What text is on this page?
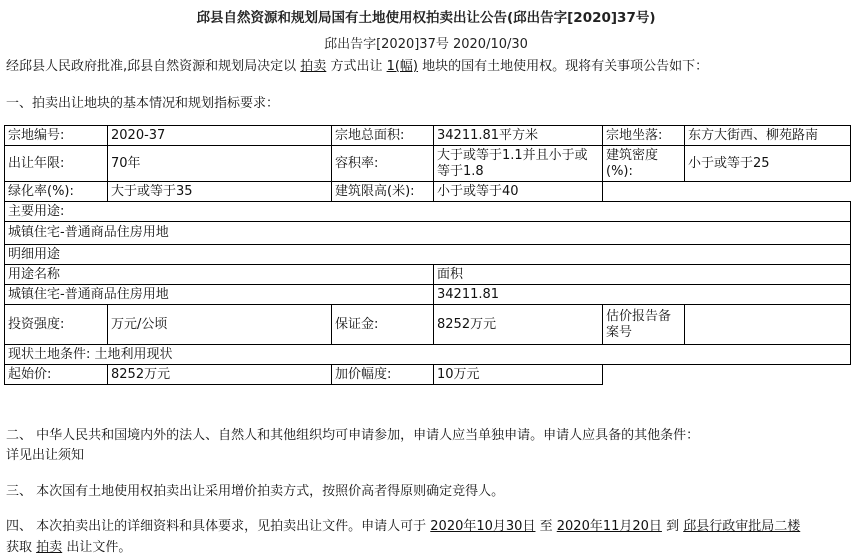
邱县自然资源和规划局国有土地使用权拍卖出让公告(邱出告字[2020]37号)
邱出告字[2020]37号 2020/10/30
经邱县人民政府批准,邱县自然资源和规划局决定以 拍卖 方式出让 1(幅) 地块的国有土地使用权。现将有关事项公告如下：
一、拍卖出让地块的基本情况和规划指标要求：
宗地编号:	2020-37	宗地总面积:	34211.81平方米	宗地坐落:	东方大街西、柳苑路南
出让年限:	70年	容积率:	大于或等于1.1并且小于或等于1.8	建筑密度(%):	小于或等于25
绿化率(%):	大于或等于35	建筑限高(米):	小于或等于40		
主要用途:					
城镇住宅-普通商品住房用地					
明细用途					
用途名称			面积		
城镇住宅-普通商品住房用地			34211.81		
投资强度:	万元/公顷	保证金:	8252万元	估价报告备案号	
现状土地条件: 土地利用现状					
起始价:	8252万元	加价幅度:	10万元		
二、 中华人民共和国境内外的法人、自然人和其他组织均可申请参加，申请人应当单独申请。申请人应具备的其他条件：
详见出让须知
三、 本次国有土地使用权拍卖出让采用增价拍卖方式，按照价高者得原则确定竞得人。
四、 本次拍卖出让的详细资料和具体要求，见拍卖出让文件。申请人可于 2020年10月30日 至 2020年11月20日 到 邱县行政审批局二楼
获取 拍卖 出让文件。
